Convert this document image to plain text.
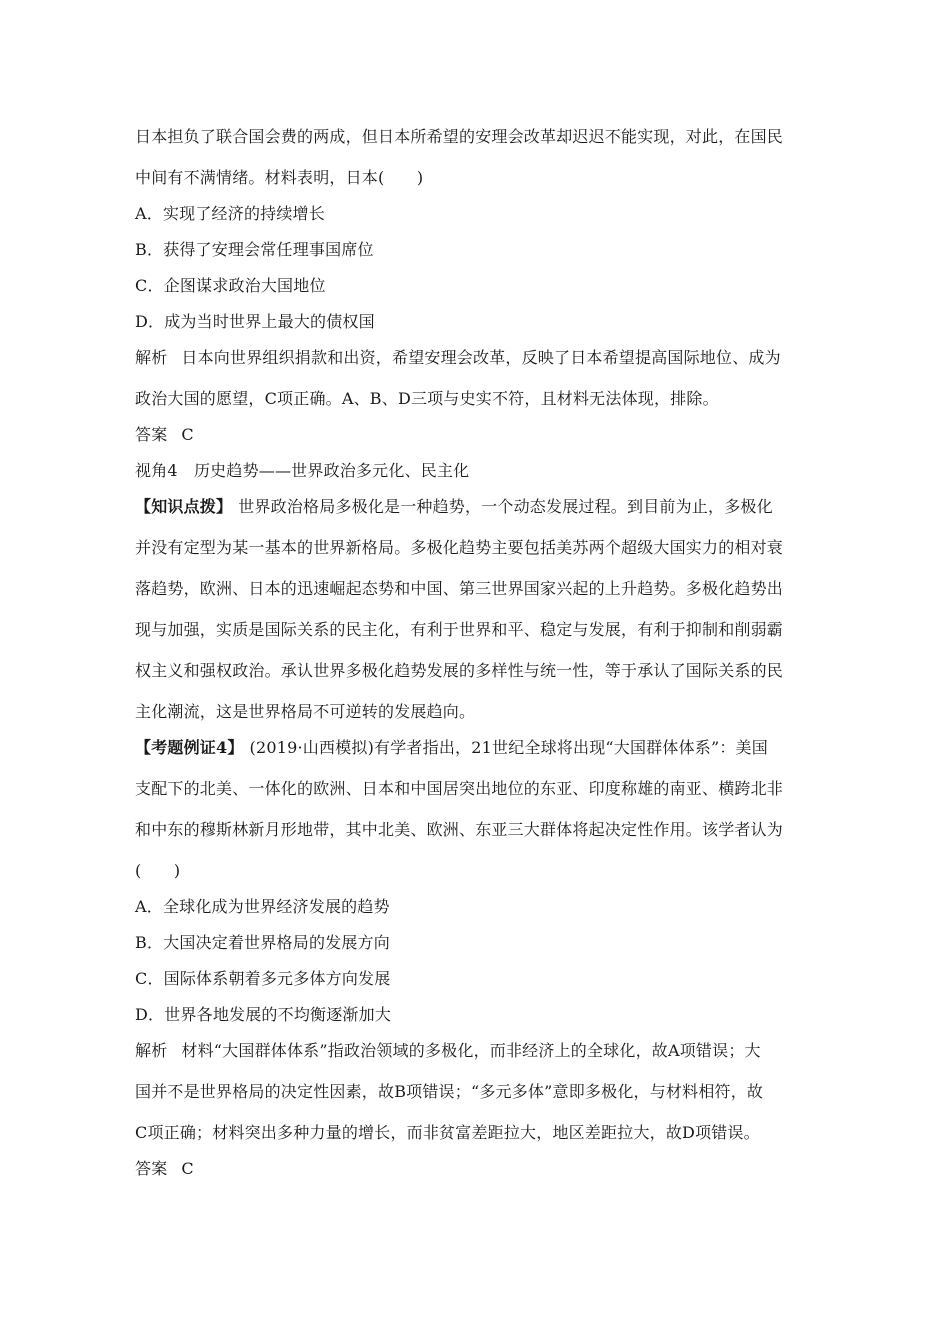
日本担负了联合国会费的两成，但日本所希望的安理会改革却迟迟不能实现，对此，在国民
中间有不满情绪。材料表明，日本(　　)
A．实现了经济的持续增长
B．获得了安理会常任理事国席位
C．企图谋求政治大国地位
D．成为当时世界上最大的债权国
解析 日本向世界组织捐款和出资，希望安理会改革，反映了日本希望提高国际地位、成为
政治大国的愿望，C项正确。A、B、D三项与史实不符，且材料无法体现，排除。
答案 C
视角4　历史趋势——世界政治多元化、民主化
【知识点拨】 世界政治格局多极化是一种趋势，一个动态发展过程。到目前为止，多极化
并没有定型为某一基本的世界新格局。多极化趋势主要包括美苏两个超级大国实力的相对衰
落趋势，欧洲、日本的迅速崛起态势和中国、第三世界国家兴起的上升趋势。多极化趋势出
现与加强，实质是国际关系的民主化，有利于世界和平、稳定与发展，有利于抑制和削弱霸
权主义和强权政治。承认世界多极化趋势发展的多样性与统一性，等于承认了国际关系的民
主化潮流，这是世界格局不可逆转的发展趋向。
【考题例证4】 (2019·山西模拟)有学者指出，21世纪全球将出现“大国群体体系”：美国
支配下的北美、一体化的欧洲、日本和中国居突出地位的东亚、印度称雄的南亚、横跨北非
和中东的穆斯林新月形地带，其中北美、欧洲、东亚三大群体将起决定性作用。该学者认为
(　　)
A．全球化成为世界经济发展的趋势
B．大国决定着世界格局的发展方向
C．国际体系朝着多元多体方向发展
D．世界各地发展的不均衡逐渐加大
解析 材料“大国群体体系”指政治领域的多极化，而非经济上的全球化，故A项错误；大
国并不是世界格局的决定性因素，故B项错误；“多元多体”意即多极化，与材料相符，故
C项正确；材料突出多种力量的增长，而非贫富差距拉大，地区差距拉大，故D项错误。
答案 C
